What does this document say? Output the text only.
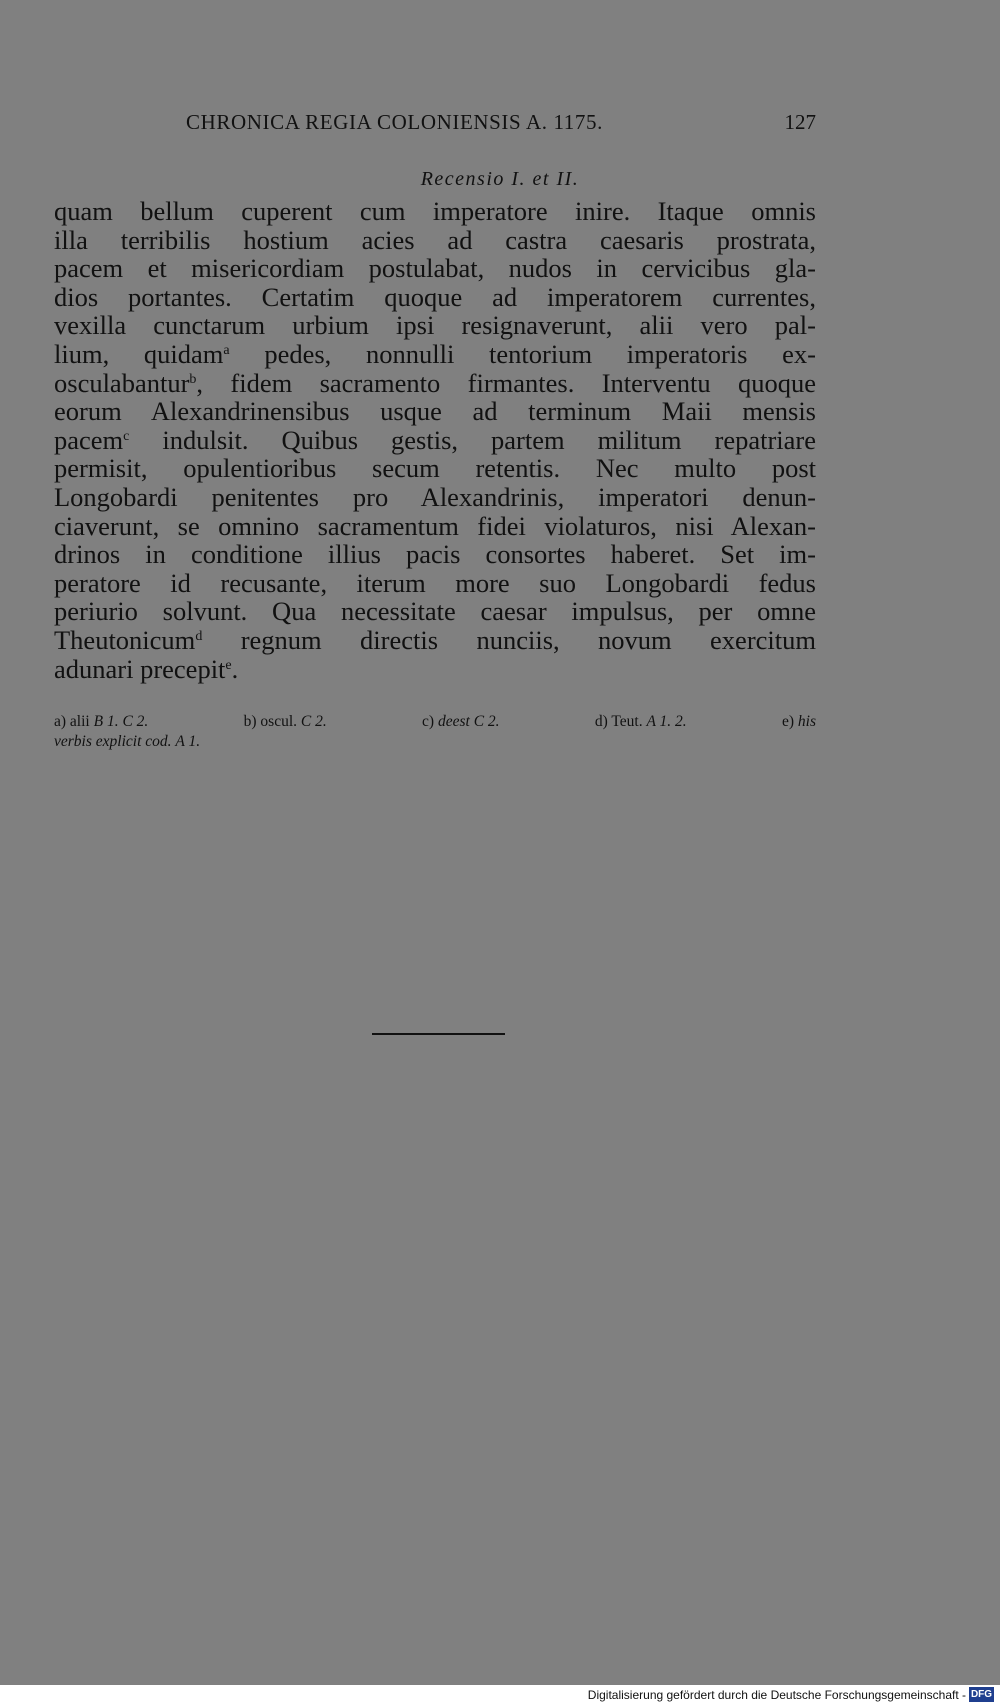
CHRONICA REGIA COLONIENSIS A. 1175.	127
Recensio I. et II.
quam bellum cuperent cum imperatore inire. Itaque omnis
illa terribilis hostium acies ad castra caesaris prostrata,
pacem et misericordiam postulabat, nudos in cervicibus gla-
dios portantes. Certatim quoque ad imperatorem currentes,
vexilla cunctarum urbium ipsi resignaverunt, alii vero pal-
lium, quidam$^a$ pedes, nonnulli tentorium imperatoris ex-
osculabantur$^b$, fidem sacramento firmantes. Interventu quoque
eorum Alexandrinensibus usque ad terminum Maii mensis
pacem$^c$ indulsit. Quibus gestis, partem militum repatriare
permisit, opulentioribus secum retentis. Nec multo post
Longobardi penitentes pro Alexandrinis, imperatori denun-
ciaverunt, se omnino sacramentum fidei violaturos, nisi Alexan-
drinos in conditione illius pacis consortes haberet. Set im-
peratore id recusante, iterum more suo Longobardi fedus
periurio solvunt. Qua necessitate caesar impulsus, per omne
Theutonicum$^d$ regnum directis nunciis, novum exercitum
adunari precepit$^e$.
a) alii B 1. C 2.	b) oscul. C 2.	c) deest C 2.	d) Teut. A 1. 2.	e) his
verbis explicit cod. A 1.
Digitalisierung gefördert durch die Deutsche Forschungsgemeinschaft - DFG
